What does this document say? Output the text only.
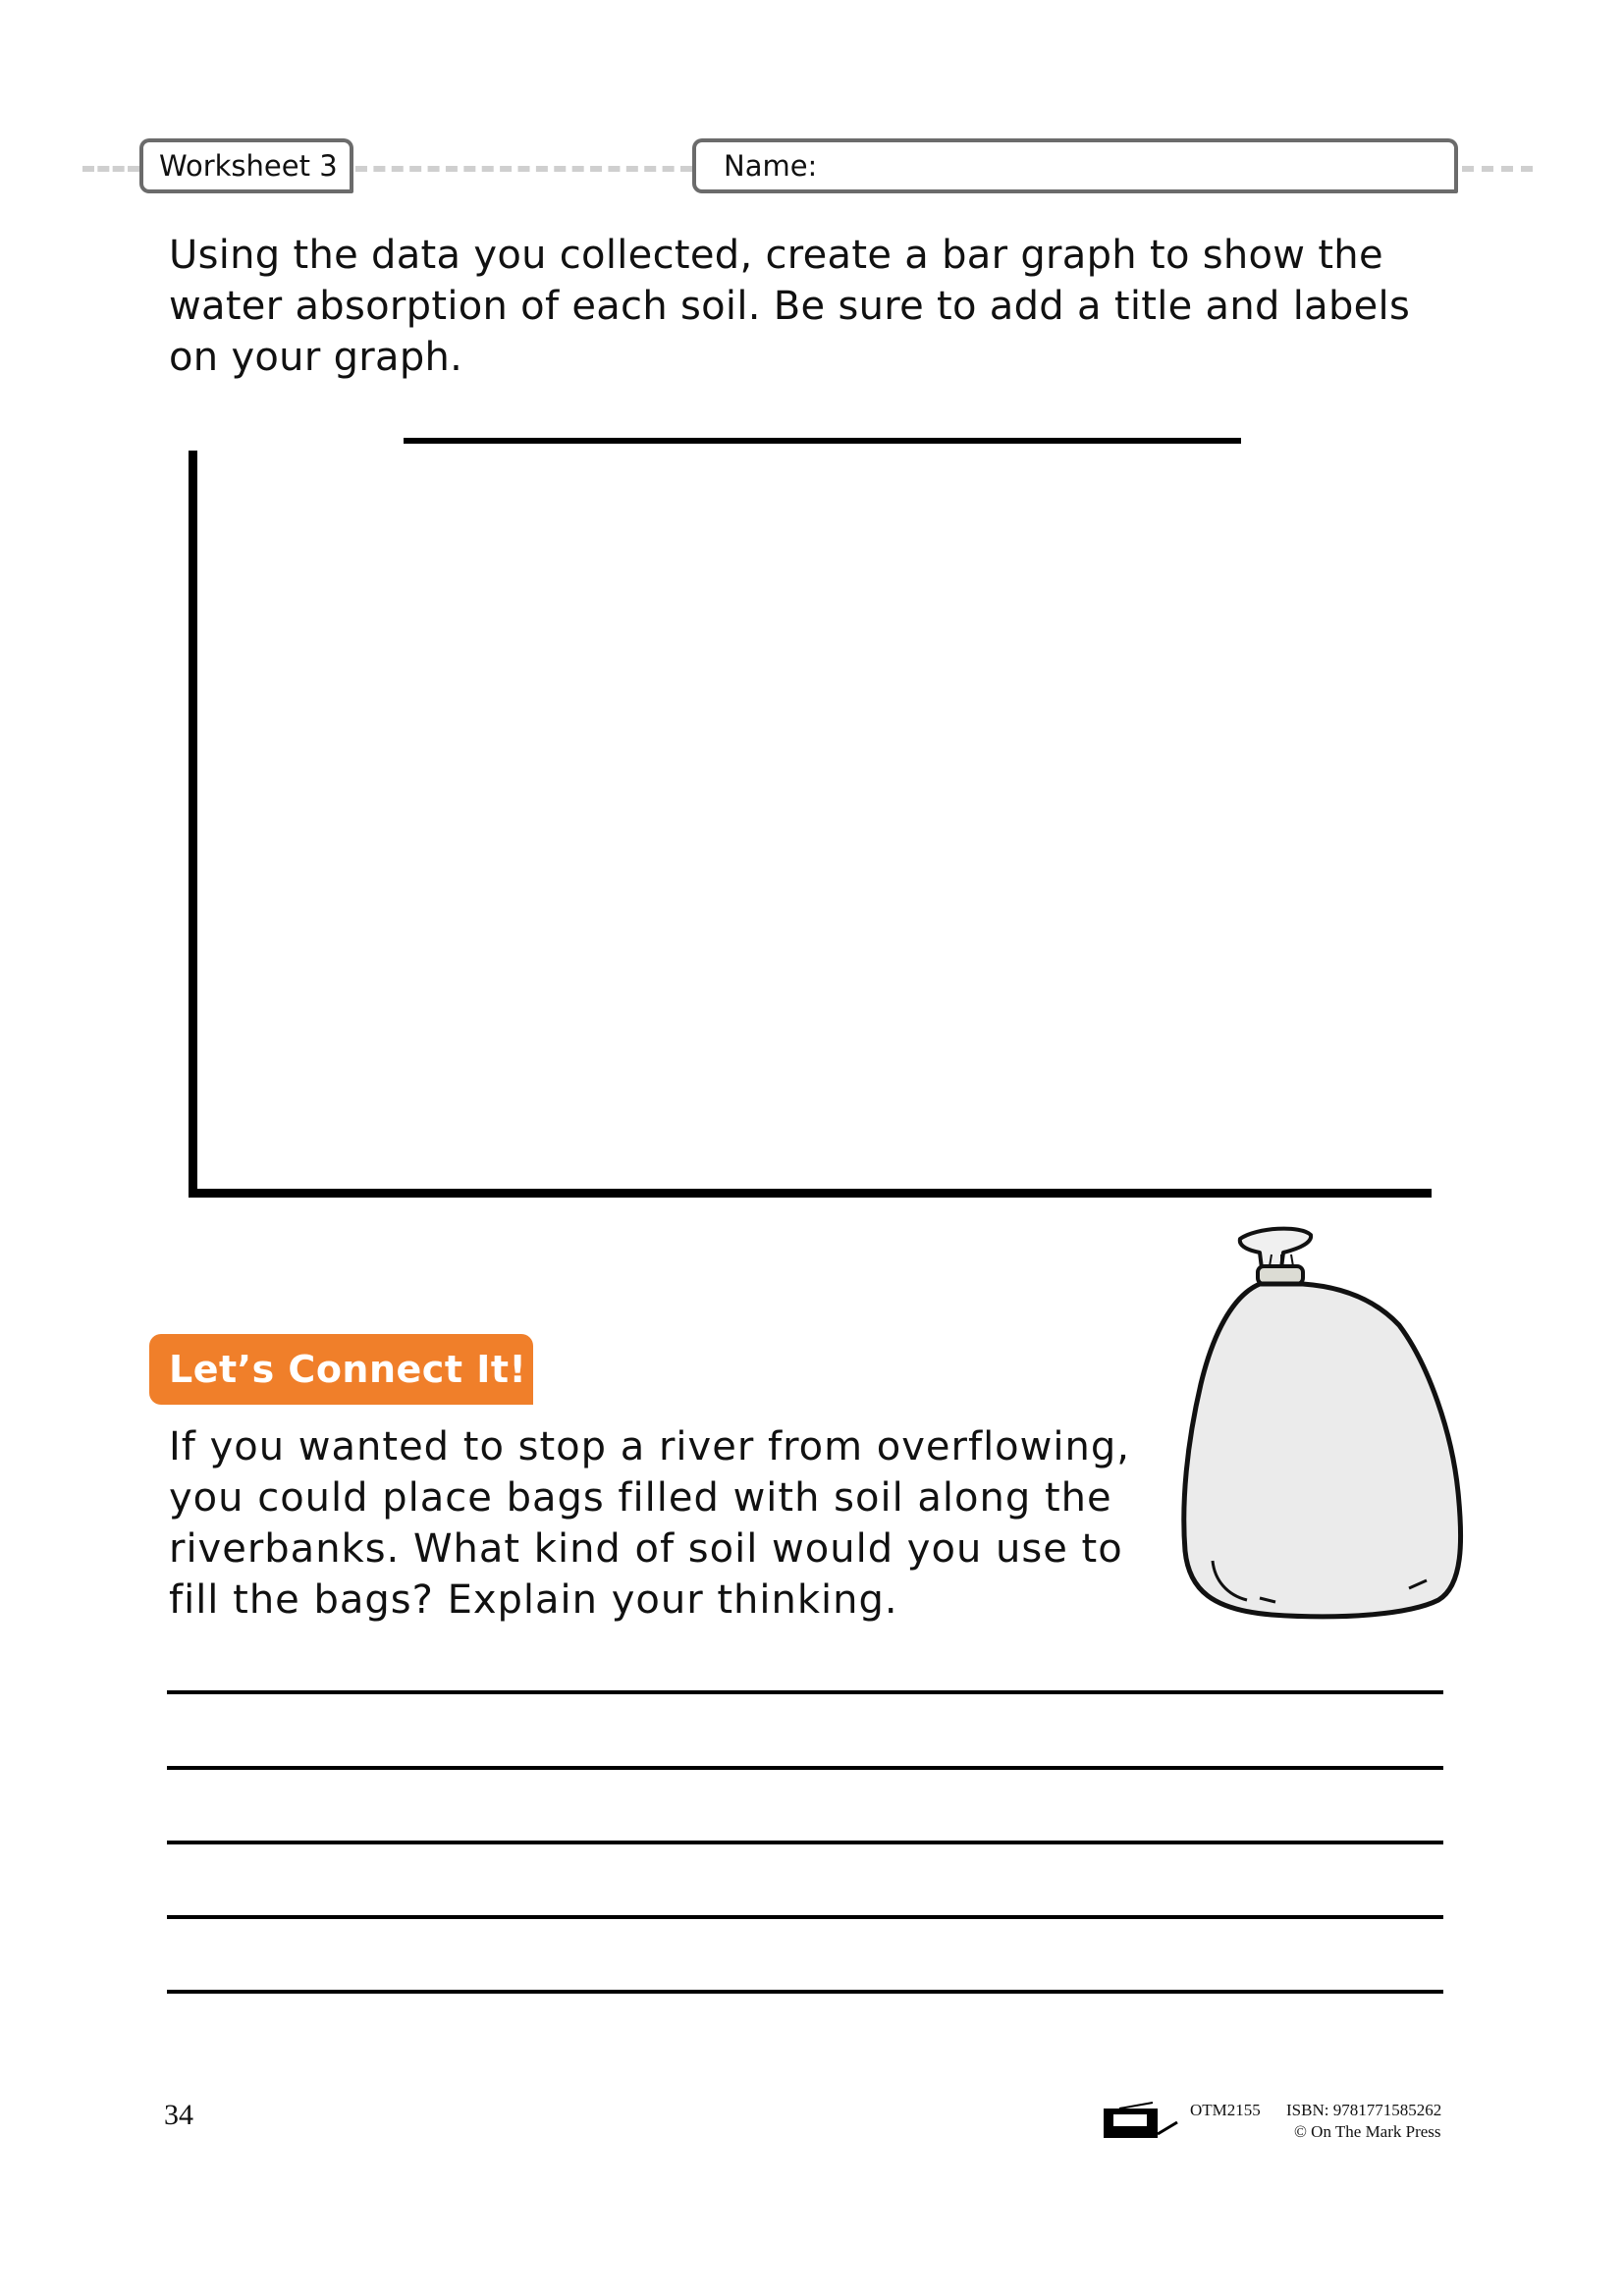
Worksheet 3	Name:
Using the data you collected, create a bar graph to show the water absorption of each soil. Be sure to add a title and labels on your graph.
Let’s Connect It!
If you wanted to stop a river from overflowing, you could place bags filled with soil along the riverbanks. What kind of soil would you use to fill the bags? Explain your thinking.
34	OTM2155 ISBN: 9781771585262
© On The Mark Press
